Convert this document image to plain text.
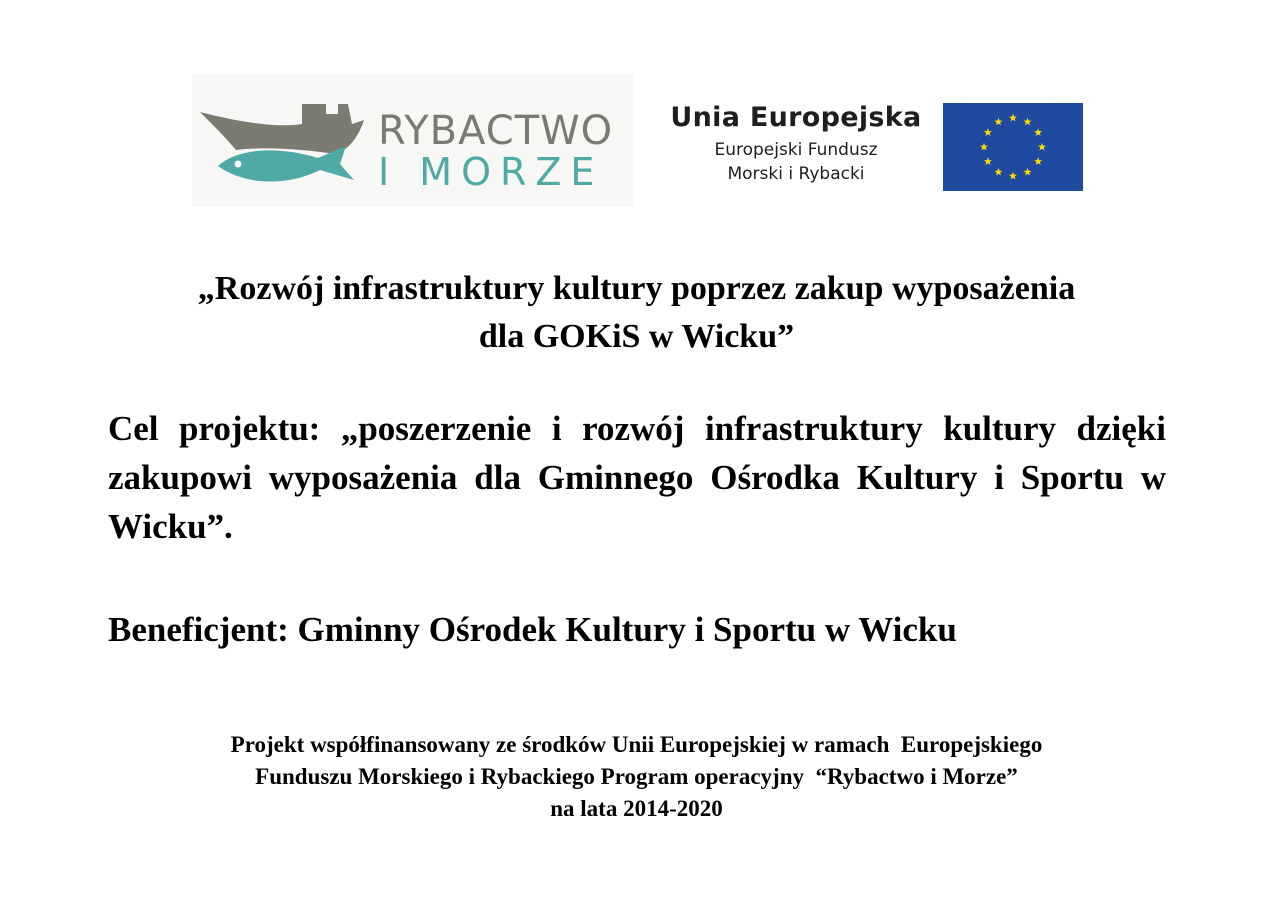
RYBACTWO
I MORZE
Unia Europejska
Europejski Fundusz
Morski i Rybacki
„Rozwój infrastruktury kultury poprzez zakup wyposażenia
dla GOKiS w Wicku”
Cel projektu: „poszerzenie i rozwój infrastruktury kultury dzięki zakupowi wyposażenia dla Gminnego Ośrodka Kultury i Sportu w Wicku”.
Beneficjent: Gminny Ośrodek Kultury i Sportu w Wicku
Projekt współfinansowany ze środków Unii Europejskiej w ramach  Europejskiego
Funduszu Morskiego i Rybackiego Program operacyjny  “Rybactwo i Morze”
na lata 2014-2020
